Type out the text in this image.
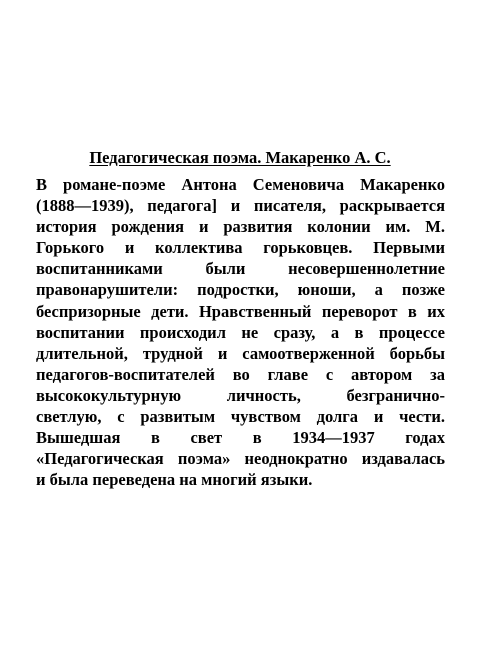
Педагогическая поэма. Макаренко А. С.
В романе-поэме Антона Семеновича Макаренко
(1888—1939), педагога] и писателя, раскрывается
история рождения и развития колонии им. М.
Горького и коллектива горьковцев. Первыми
воспитанниками были несовершеннолетние
правонарушители: подростки, юноши, а позже
беспризорные дети. Нравственный переворот в их
воспитании происходил не сразу, а в процессе
длительной, трудной и самоотверженной борьбы
педагогов-воспитателей во главе с автором за
высококультурную личность, безгранично-
светлую, с развитым чувством долга и чести.
Вышедшая в свет в 1934—1937 годах
«Педагогическая поэма» неоднократно издавалась
и была переведена на многий языки.
